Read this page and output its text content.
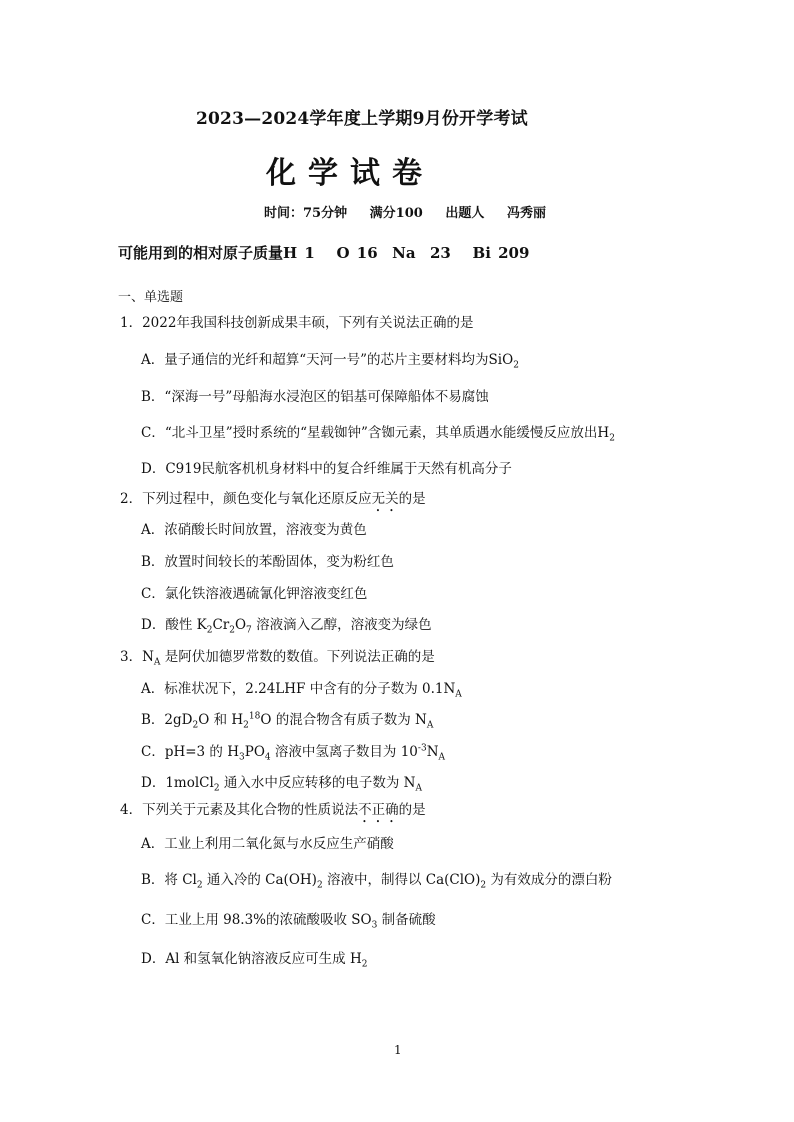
2023—2024学年度上学期9月份开学考试
化学试卷
时间：75分钟   满分100   出题人   冯秀丽
可能用到的相对原子质量H 1   O 16  Na  23   Bi 209
一、单选题
1．2022年我国科技创新成果丰硕，下列有关说法正确的是
A．量子通信的光纤和超算“天河一号”的芯片主要材料均为SiO$_2$
B．“深海一号”母船海水浸泡区的铝基可保障船体不易腐蚀
C．“北斗卫星”授时系统的“星载铷钟”含铷元素，其单质遇水能缓慢反应放出$H_2$
D．C919民航客机机身材料中的复合纤维属于天然有机高分子
2．下列过程中，颜色变化与氧化还原反应无关的是
A．浓硝酸长时间放置，溶液变为黄色
B．放置时间较长的苯酚固体，变为粉红色
C．氯化铁溶液遇硫氰化钾溶液变红色
D．酸性 $K_2Cr_2O_7$ 溶液滴入乙醇，溶液变为绿色
3．$N_A$ 是阿伏加德罗常数的数值。下列说法正确的是
A．标准状况下，2.24LHF 中含有的分子数为 $0.1N_A$
B．$2gD_2O$ 和 $H_2^{18}O$ 的混合物含有质子数为 $N_A$
C．pH=3 的 $H_3PO_4$ 溶液中氢离子数目为 $10^{-3}N_A$
D．1molCl$_2$ 通入水中反应转移的电子数为 $N_A$
4．下列关于元素及其化合物的性质说法不正确的是
A．工业上利用二氧化氮与水反应生产硝酸
B．将 $Cl_2$ 通入冷的 $Ca(OH)_2$ 溶液中，制得以 $Ca(ClO)_2$ 为有效成分的漂白粉
C．工业上用 98.3%的浓硫酸吸收 $SO_3$ 制备硫酸
D．Al 和氢氧化钠溶液反应可生成 $H_2$
1
